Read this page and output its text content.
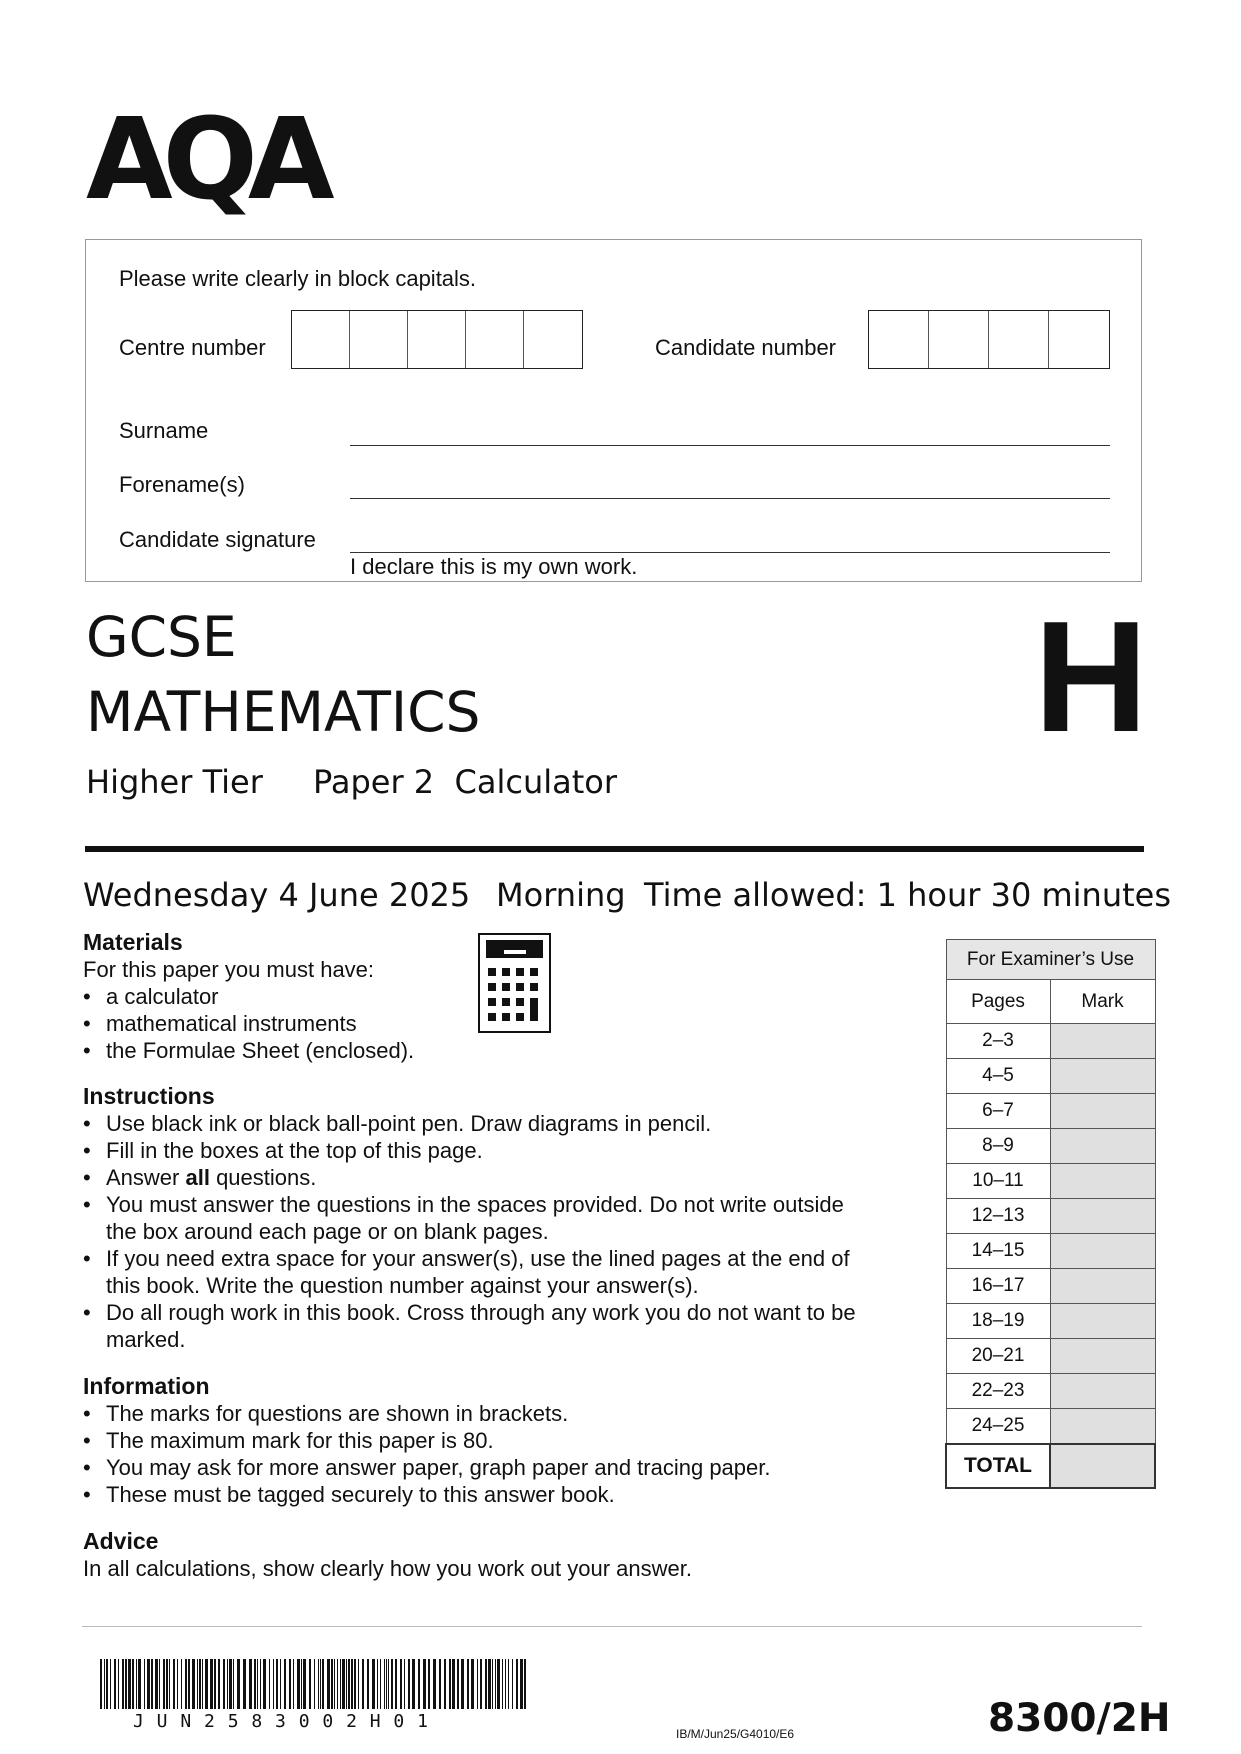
AQA
Please write clearly in block capitals.
Centre number	Candidate number
Surname
Forename(s)
Candidate signature
I declare this is my own work.
GCSE
MATHEMATICS
Higher Tier Paper 2  Calculator
H
Wednesday 4 June 2025 Morning Time allowed: 1 hour 30 minutes
Materials
For this paper you must have:
• a calculator
• mathematical instruments
• the Formulae Sheet (enclosed).
Instructions
• Use black ink or black ball-point pen. Draw diagrams in pencil.
• Fill in the boxes at the top of this page.
• Answer all questions.
• You must answer the questions in the spaces provided. Do not write outside the box around each page or on blank pages.
• If you need extra space for your answer(s), use the lined pages at the end of this book. Write the question number against your answer(s).
• Do all rough work in this book. Cross through any work you do not want to be marked.
Information
• The marks for questions are shown in brackets.
• The maximum mark for this paper is 80.
• You may ask for more answer paper, graph paper and tracing paper.
• These must be tagged securely to this answer book.
Advice
In all calculations, show clearly how you work out your answer.
For Examiner’s Use	
Pages	Mark
2–3	
4–5	
6–7	
8–9	
10–11	
12–13	
14–15	
16–17	
18–19	
20–21	
22–23	
24–25	
TOTAL	
J U N 2 5 8 3 0 0 2 H 0 1
IB/M/Jun25/G4010/E6	8300/2H
